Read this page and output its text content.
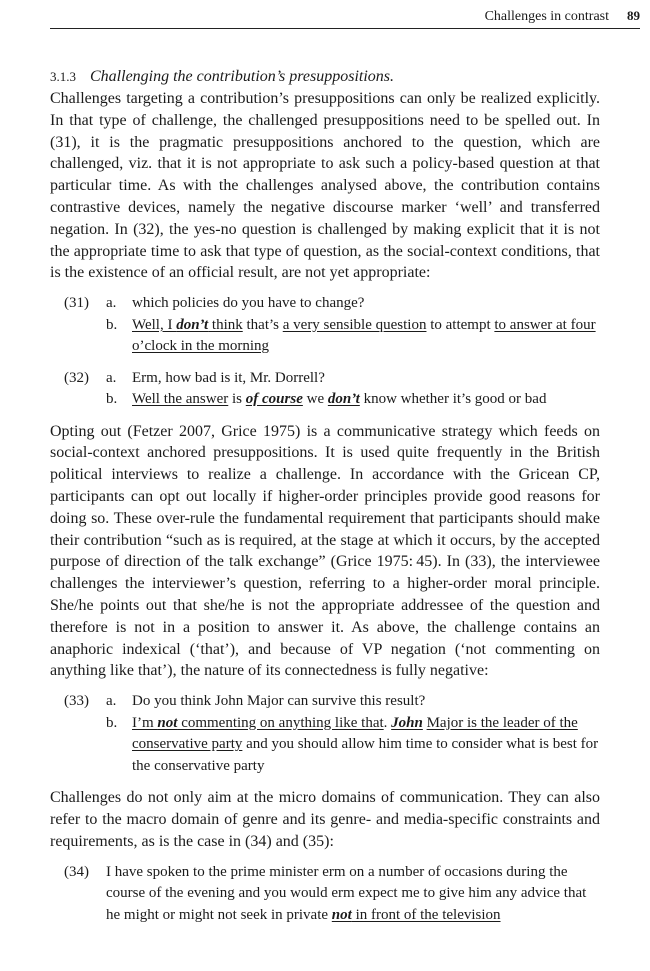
Challenges in contrast 89
3.1.3 Challenging the contribution’s presuppositions.

Challenges targeting a contribution’s presuppositions can only be realized explicitly. In that type of challenge, the challenged presuppositions need to be spelled out. In (31), it is the pragmatic presuppositions anchored to the question, which are challenged, viz. that it is not appropriate to ask such a policy-based question at that particular time. As with the challenges analysed above, the contribution contains contrastive devices, namely the negative discourse marker ‘well’ and transferred negation. In (32), the yes-no question is challenged by making explicit that it is not the appropriate time to ask that type of question, as the social-context conditions, that is the existence of an official result, are not yet appropriate:

(31)	a.	which policies do you have to change?
b. Well, I don’t think that’s a very sensible question to attempt to answer at four o’clock in the morning
(32)	a.	Erm, how bad is it, Mr. Dorrell?
b. Well the answer is of course we don’t know whether it’s good or bad

Opting out (Fetzer 2007, Grice 1975) is a communicative strategy which feeds on social-context anchored presuppositions. It is used quite frequently in the British political interviews to realize a challenge. In accordance with the Gricean CP, participants can opt out locally if higher-order principles provide good reasons for doing so. These over-rule the fundamental requirement that participants should make their contribution “such as is required, at the stage at which it occurs, by the accepted purpose of direction of the talk exchange” (Grice 1975: 45). In (33), the interviewee challenges the interviewer’s question, referring to a higher-order moral principle. She/he points out that she/he is not the appropriate addressee of the question and therefore is not in a position to answer it. As above, the challenge contains an anaphoric indexical (‘that’), and because of VP negation (‘not commenting on anything like that’), the nature of its connectedness is fully negative:

(33)	a.	Do you think John Major can survive this result?
b. I’m not commenting on anything like that. John Major is the leader of the conservative party and you should allow him time to consider what is best for the conservative party

Challenges do not only aim at the micro domains of communication. They can also refer to the macro domain of genre and its genre- and media-specific constraints and requirements, as is the case in (34) and (35):

(34)	I have spoken to the prime minister erm on a number of occasions during the course of the evening and you would erm expect me to give him any advice that he might or might not seek in private not in front of the television
